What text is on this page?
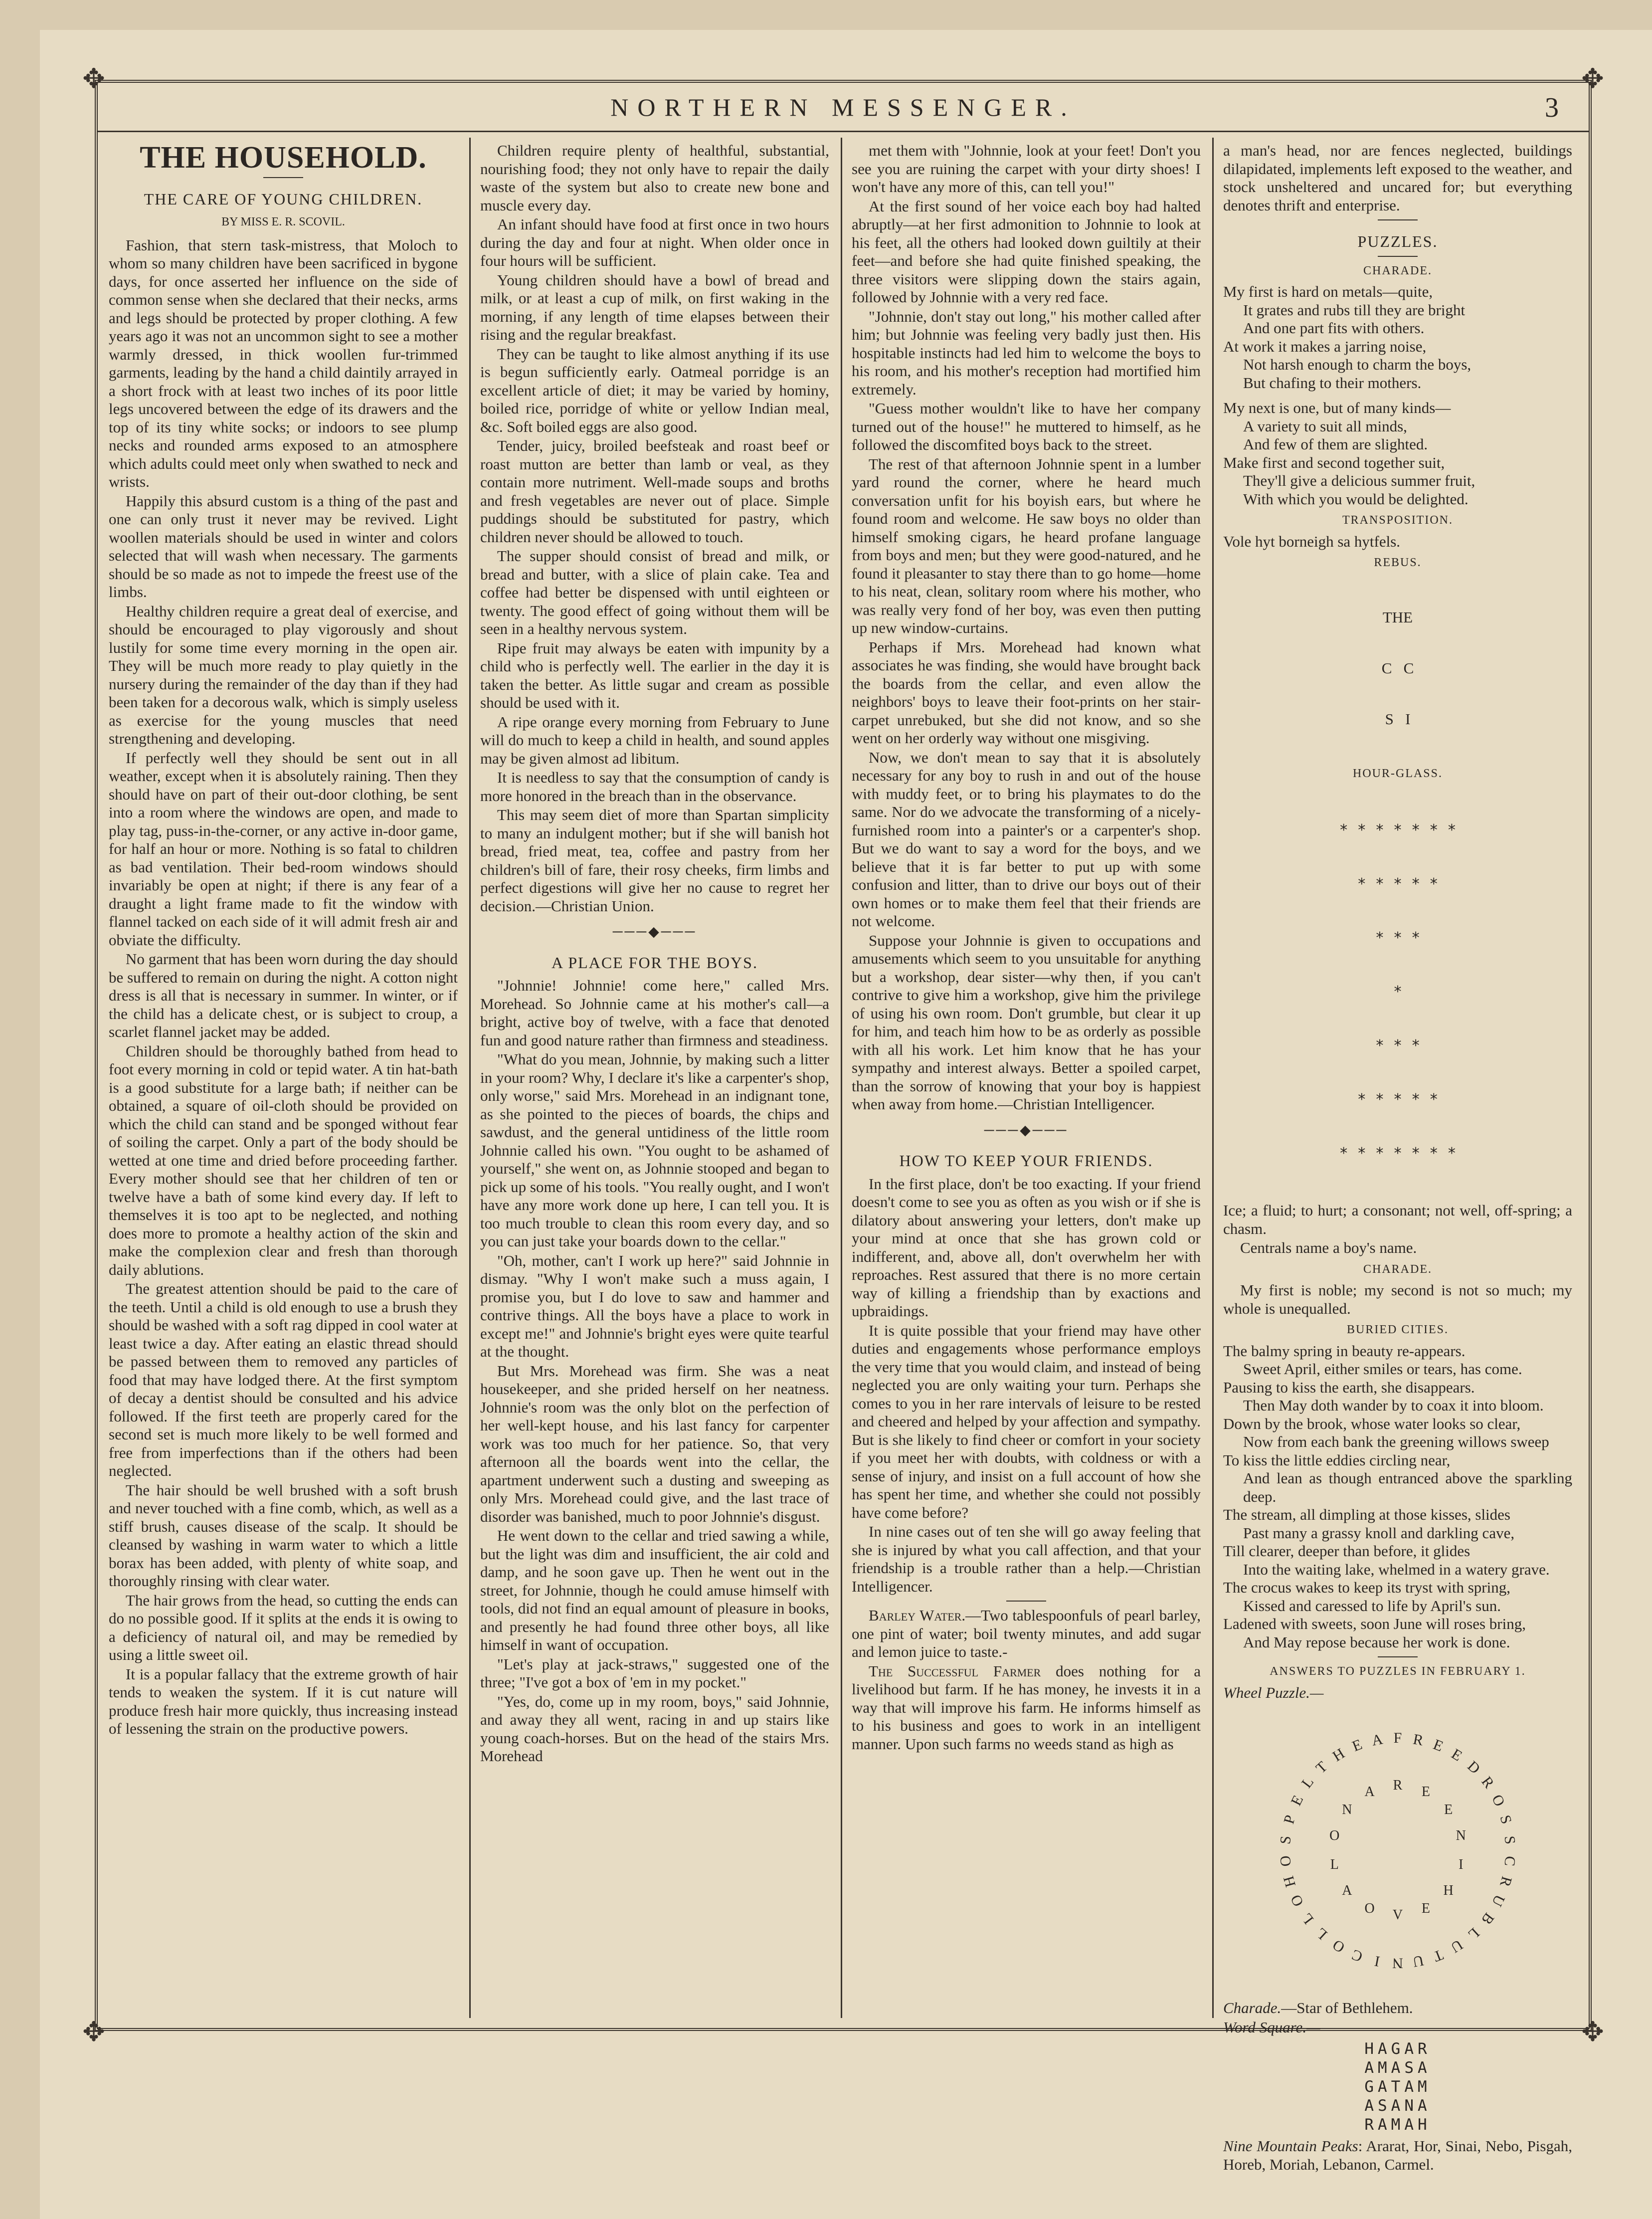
✥	✥
✥	✥
NORTHERN MESSENGER.	3
THE HOUSEHOLD.
THE CARE OF YOUNG CHILDREN.
BY MISS E. R. SCOVIL.

Fashion, that stern task-mistress, that Moloch to whom so many children have been sacrificed in bygone days, for once asserted her influence on the side of common sense when she declared that their necks, arms and legs should be protected by proper clothing. A few years ago it was not an uncommon sight to see a mother warmly dressed, in thick woollen fur-trimmed garments, leading by the hand a child daintily arrayed in a short frock with at least two inches of its poor little legs uncovered between the edge of its drawers and the top of its tiny white socks; or indoors to see plump necks and rounded arms exposed to an atmosphere which adults could meet only when swathed to neck and wrists.

Happily this absurd custom is a thing of the past and one can only trust it never may be revived. Light woollen materials should be used in winter and colors selected that will wash when necessary. The garments should be so made as not to impede the freest use of the limbs.

Healthy children require a great deal of exercise, and should be encouraged to play vigorously and shout lustily for some time every morning in the open air. They will be much more ready to play quietly in the nursery during the remainder of the day than if they had been taken for a decorous walk, which is simply useless as exercise for the young muscles that need strengthening and developing.

If perfectly well they should be sent out in all weather, except when it is absolutely raining. Then they should have on part of their out-door clothing, be sent into a room where the windows are open, and made to play tag, puss-in-the-corner, or any active in-door game, for half an hour or more. Nothing is so fatal to children as bad ventilation. Their bed-room windows should invariably be open at night; if there is any fear of a draught a light frame made to fit the window with flannel tacked on each side of it will admit fresh air and obviate the difficulty.

No garment that has been worn during the day should be suffered to remain on during the night. A cotton night dress is all that is necessary in summer. In winter, or if the child has a delicate chest, or is subject to croup, a scarlet flannel jacket may be added.

Children should be thoroughly bathed from head to foot every morning in cold or tepid water. A tin hat-bath is a good substitute for a large bath; if neither can be obtained, a square of oil-cloth should be provided on which the child can stand and be sponged without fear of soiling the carpet. Only a part of the body should be wetted at one time and dried before proceeding farther. Every mother should see that her children of ten or twelve have a bath of some kind every day. If left to themselves it is too apt to be neglected, and nothing does more to promote a healthy action of the skin and make the complexion clear and fresh than thorough daily ablutions.

The greatest attention should be paid to the care of the teeth. Until a child is old enough to use a brush they should be washed with a soft rag dipped in cool water at least twice a day. After eating an elastic thread should be passed between them to removed any particles of food that may have lodged there. At the first symptom of decay a dentist should be consulted and his advice followed. If the first teeth are properly cared for the second set is much more likely to be well formed and free from imperfections than if the others had been neglected.

The hair should be well brushed with a soft brush and never touched with a fine comb, which, as well as a stiff brush, causes disease of the scalp. It should be cleansed by washing in warm water to which a little borax has been added, with plenty of white soap, and thoroughly rinsing with clear water.

The hair grows from the head, so cutting the ends can do no possible good. If it splits at the ends it is owing to a deficiency of natural oil, and may be remedied by using a little sweet oil.

It is a popular fallacy that the extreme growth of hair tends to weaken the system. If it is cut nature will produce fresh hair more quickly, thus increasing instead of lessening the strain on the productive powers.

Children require plenty of healthful, substantial, nourishing food; they not only have to repair the daily waste of the system but also to create new bone and muscle every day.

An infant should have food at first once in two hours during the day and four at night. When older once in four hours will be sufficient.

Young children should have a bowl of bread and milk, or at least a cup of milk, on first waking in the morning, if any length of time elapses between their rising and the regular breakfast.

They can be taught to like almost anything if its use is begun sufficiently early. Oatmeal porridge is an excellent article of diet; it may be varied by hominy, boiled rice, porridge of white or yellow Indian meal, &c. Soft boiled eggs are also good.

Tender, juicy, broiled beefsteak and roast beef or roast mutton are better than lamb or veal, as they contain more nutriment. Well-made soups and broths and fresh vegetables are never out of place. Simple puddings should be substituted for pastry, which children never should be allowed to touch.

The supper should consist of bread and milk, or bread and butter, with a slice of plain cake. Tea and coffee had better be dispensed with until eighteen or twenty. The good effect of going without them will be seen in a healthy nervous system.

Ripe fruit may always be eaten with impunity by a child who is perfectly well. The earlier in the day it is taken the better. As little sugar and cream as possible should be used with it.

A ripe orange every morning from February to June will do much to keep a child in health, and sound apples may be given almost ad libitum.

It is needless to say that the consumption of candy is more honored in the breach than in the observance.

This may seem diet of more than Spartan simplicity to many an indulgent mother; but if she will banish hot bread, fried meat, tea, coffee and pastry from her children's bill of fare, their rosy cheeks, firm limbs and perfect digestions will give her no cause to regret her decision.—Christian Union.

───◆───
A PLACE FOR THE BOYS.

"Johnnie! Johnnie! come here," called Mrs. Morehead. So Johnnie came at his mother's call—a bright, active boy of twelve, with a face that denoted fun and good nature rather than firmness and steadiness.

"What do you mean, Johnnie, by making such a litter in your room? Why, I declare it's like a carpenter's shop, only worse," said Mrs. Morehead in an indignant tone, as she pointed to the pieces of boards, the chips and sawdust, and the general untidiness of the little room Johnnie called his own. "You ought to be ashamed of yourself," she went on, as Johnnie stooped and began to pick up some of his tools. "You really ought, and I won't have any more work done up here, I can tell you. It is too much trouble to clean this room every day, and so you can just take your boards down to the cellar."

"Oh, mother, can't I work up here?" said Johnnie in dismay. "Why I won't make such a muss again, I promise you, but I do love to saw and hammer and contrive things. All the boys have a place to work in except me!" and Johnnie's bright eyes were quite tearful at the thought.

But Mrs. Morehead was firm. She was a neat housekeeper, and she prided herself on her neatness. Johnnie's room was the only blot on the perfection of her well-kept house, and his last fancy for carpenter work was too much for her patience. So, that very afternoon all the boards went into the cellar, the apartment underwent such a dusting and sweeping as only Mrs. Morehead could give, and the last trace of disorder was banished, much to poor Johnnie's disgust.

He went down to the cellar and tried sawing a while, but the light was dim and insufficient, the air cold and damp, and he soon gave up. Then he went out in the street, for Johnnie, though he could amuse himself with tools, did not find an equal amount of pleasure in books, and presently he had found three other boys, all like himself in want of occupation.

"Let's play at jack-straws," suggested one of the three; "I've got a box of 'em in my pocket."

"Yes, do, come up in my room, boys," said Johnnie, and away they all went, racing in and up stairs like young coach-horses. But on the head of the stairs Mrs. Morehead

met them with "Johnnie, look at your feet! Don't you see you are ruining the carpet with your dirty shoes! I won't have any more of this, can tell you!"

At the first sound of her voice each boy had halted abruptly—at her first admonition to Johnnie to look at his feet, all the others had looked down guiltily at their feet—and before she had quite finished speaking, the three visitors were slipping down the stairs again, followed by Johnnie with a very red face.

"Johnnie, don't stay out long," his mother called after him; but Johnnie was feeling very badly just then. His hospitable instincts had led him to welcome the boys to his room, and his mother's reception had mortified him extremely.

"Guess mother wouldn't like to have her company turned out of the house!" he muttered to himself, as he followed the discomfited boys back to the street.

The rest of that afternoon Johnnie spent in a lumber yard round the corner, where he heard much conversation unfit for his boyish ears, but where he found room and welcome. He saw boys no older than himself smoking cigars, he heard profane language from boys and men; but they were good-natured, and he found it pleasanter to stay there than to go home—home to his neat, clean, solitary room where his mother, who was really very fond of her boy, was even then putting up new window-curtains.

Perhaps if Mrs. Morehead had known what associates he was finding, she would have brought back the boards from the cellar, and even allow the neighbors' boys to leave their foot-prints on her stair-carpet unrebuked, but she did not know, and so she went on her orderly way without one misgiving.

Now, we don't mean to say that it is absolutely necessary for any boy to rush in and out of the house with muddy feet, or to bring his playmates to do the same. Nor do we advocate the transforming of a nicely-furnished room into a painter's or a carpenter's shop. But we do want to say a word for the boys, and we believe that it is far better to put up with some confusion and litter, than to drive our boys out of their own homes or to make them feel that their friends are not welcome.

Suppose your Johnnie is given to occupations and amusements which seem to you unsuitable for anything but a workshop, dear sister—why then, if you can't contrive to give him a workshop, give him the privilege of using his own room. Don't grumble, but clear it up for him, and teach him how to be as orderly as possible with all his work. Let him know that he has your sympathy and interest always. Better a spoiled carpet, than the sorrow of knowing that your boy is happiest when away from home.—Christian Intelligencer.

───◆───
HOW TO KEEP YOUR FRIENDS.

In the first place, don't be too exacting. If your friend doesn't come to see you as often as you wish or if she is dilatory about answering your letters, don't make up your mind at once that she has grown cold or indifferent, and, above all, don't overwhelm her with reproaches. Rest assured that there is no more certain way of killing a friendship than by exactions and upbraidings.

It is quite possible that your friend may have other duties and engagements whose performance employs the very time that you would claim, and instead of being neglected you are only waiting your turn. Perhaps she comes to you in her rare intervals of leisure to be rested and cheered and helped by your affection and sympathy. But is she likely to find cheer or comfort in your society if you meet her with doubts, with coldness or with a sense of injury, and insist on a full account of how she has spent her time, and whether she could not possibly have come before?

In nine cases out of ten she will go away feeling that she is injured by what you call affection, and that your friendship is a trouble rather than a help.—Christian Intelligencer.

Barley Water.—Two tablespoonfuls of pearl barley, one pint of water; boil twenty minutes, and add sugar and lemon juice to taste.-

The Successful Farmer does nothing for a livelihood but farm. If he has money, he invests it in a way that will improve his farm. He informs himself as to his business and goes to work in an intelligent manner. Upon such farms no weeds stand as high as

a man's head, nor are fences neglected, buildings dilapidated, implements left exposed to the weather, and stock unsheltered and uncared for; but everything denotes thrift and enterprise.

PUZZLES.
CHARADE.

My first is hard on metals—quite,

It grates and rubs till they are bright

And one part fits with others.

At work it makes a jarring noise,

Not harsh enough to charm the boys,

But chafing to their mothers.

My next is one, but of many kinds—

A variety to suit all minds,

And few of them are slighted.

Make first and second together suit,

They'll give a delicious summer fruit,

With which you would be delighted.

TRANSPOSITION.

Vole hyt borneigh sa hytfels.

REBUS.

THE

C   C

S   I

HOUR-GLASS.

* * * * * * *

* * * * *

* * *

*

* * *

* * * * *

* * * * * * *

Ice; a fluid; to hurt; a consonant; not well, off-spring; a chasm.

Centrals name a boy's name.

CHARADE.

My first is noble; my second is not so much; my whole is unequalled.

BURIED CITIES.

The balmy spring in beauty re-appears.

Sweet April, either smiles or tears, has come.

Pausing to kiss the earth, she disappears.

Then May doth wander by to coax it into bloom.

Down by the brook, whose water looks so clear,

Now from each bank the greening willows sweep

To kiss the little eddies circling near,

And lean as though entranced above the sparkling deep.

The stream, all dimpling at those kisses, slides

Past many a grassy knoll and darkling cave,

Till clearer, deeper than before, it glides

Into the waiting lake, whelmed in a watery grave.

The crocus wakes to keep its tryst with spring,

Kissed and caressed to life by April's sun.

Ladened with sweets, soon June will roses bring,

And May repose because her work is done.

ANSWERS TO PUZZLES IN FEBRUARY 1.

Wheel Puzzle.—

F R E E
D
R
O
S
S
C
R
U
B
L
U
T
U
N
I
C
O
L
L
O
H
O
S
P
E
L
T
H E A
R E
E
N
I
H
E
V
O
A
L
O
N
A

Charade.—Star of Bethlehem.

Word Square.—

HAGAR
AMASA
GATAM
ASANA
RAMAH

Nine Mountain Peaks: Ararat, Hor, Sinai, Nebo, Pisgah, Horeb, Moriah, Lebanon, Carmel.
